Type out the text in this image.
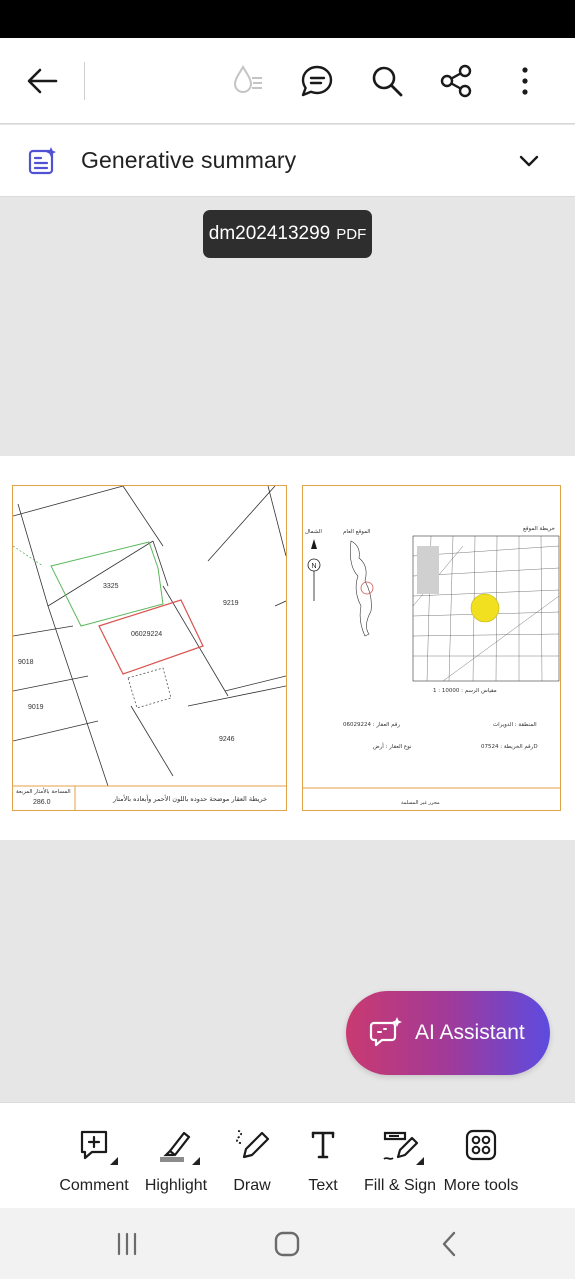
Generative summary
dm202413299 PDF
3325
06029224
9219
9018
9019
9246
المساحة بالأمتار المربعة
286.0	خريطة العقار موضحة حدوده باللون الأحمر وأبعاده بالأمتار
الموقع العام
الشمال	خريطة الموقع
N
مقياس الرسم : 10000 : 1
المنطقة : الدويرات
رقم العقار : 06029224
رقم الخريطة : 07524D
نوع العقار : أرض
محرر غير المسلمة
AI Assistant
Comment Highlight Draw Text Fill & Sign More tools
